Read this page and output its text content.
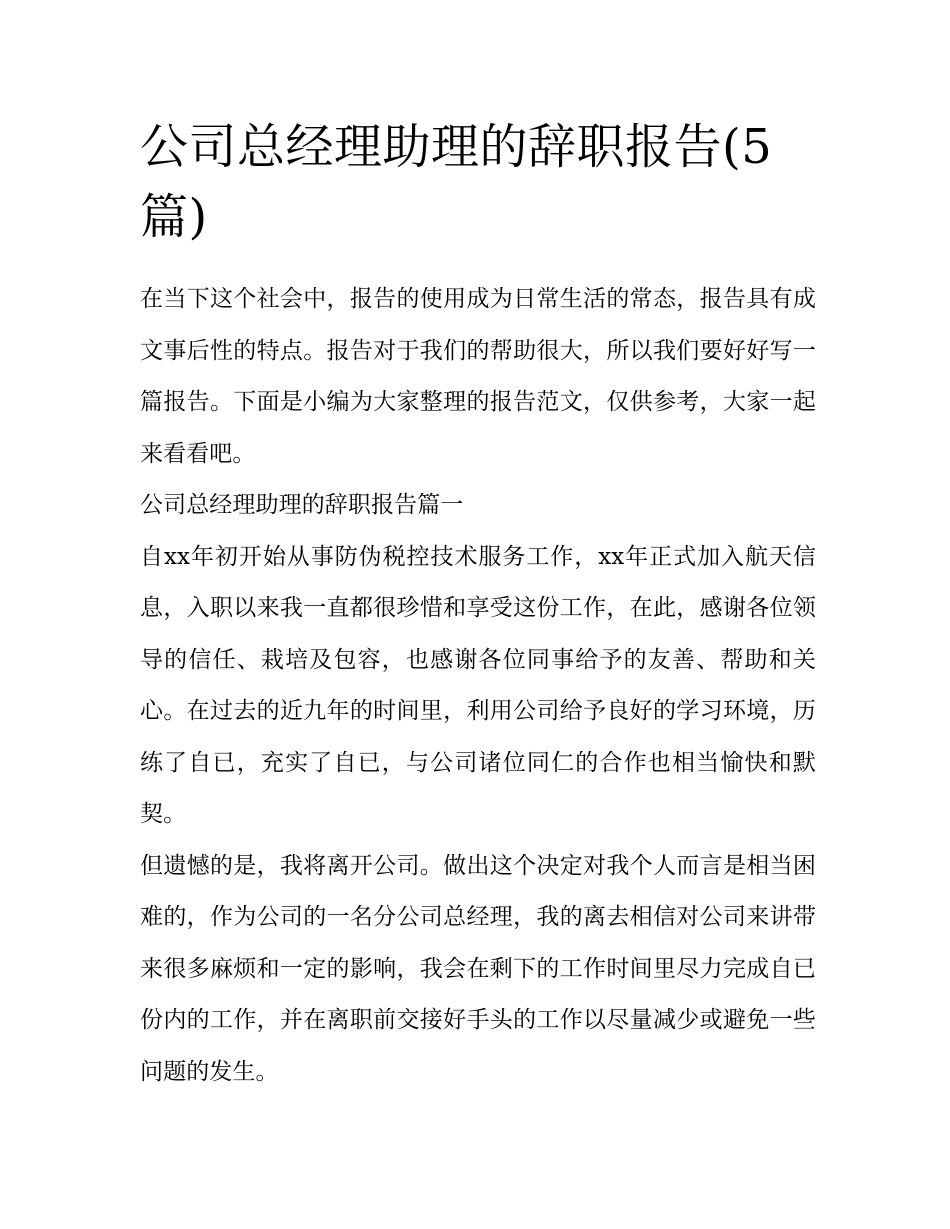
公司总经理助理的辞职报告(5篇)

在当下这个社会中，报告的使用成为日常生活的常态，报告具有成文事后性的特点。报告对于我们的帮助很大，所以我们要好好写一篇报告。下面是小编为大家整理的报告范文，仅供参考，大家一起来看看吧。

公司总经理助理的辞职报告篇一

自xx年初开始从事防伪税控技术服务工作，xx年正式加入航天信息，入职以来我一直都很珍惜和享受这份工作，在此，感谢各位领导的信任、栽培及包容，也感谢各位同事给予的友善、帮助和关心。在过去的近九年的时间里，利用公司给予良好的学习环境，历练了自已，充实了自已，与公司诸位同仁的合作也相当愉快和默契。

但遗憾的是，我将离开公司。做出这个决定对我个人而言是相当困难的，作为公司的一名分公司总经理，我的离去相信对公司来讲带来很多麻烦和一定的影响，我会在剩下的工作时间里尽力完成自已份内的工作，并在离职前交接好手头的工作以尽量减少或避免一些问题的发生。
